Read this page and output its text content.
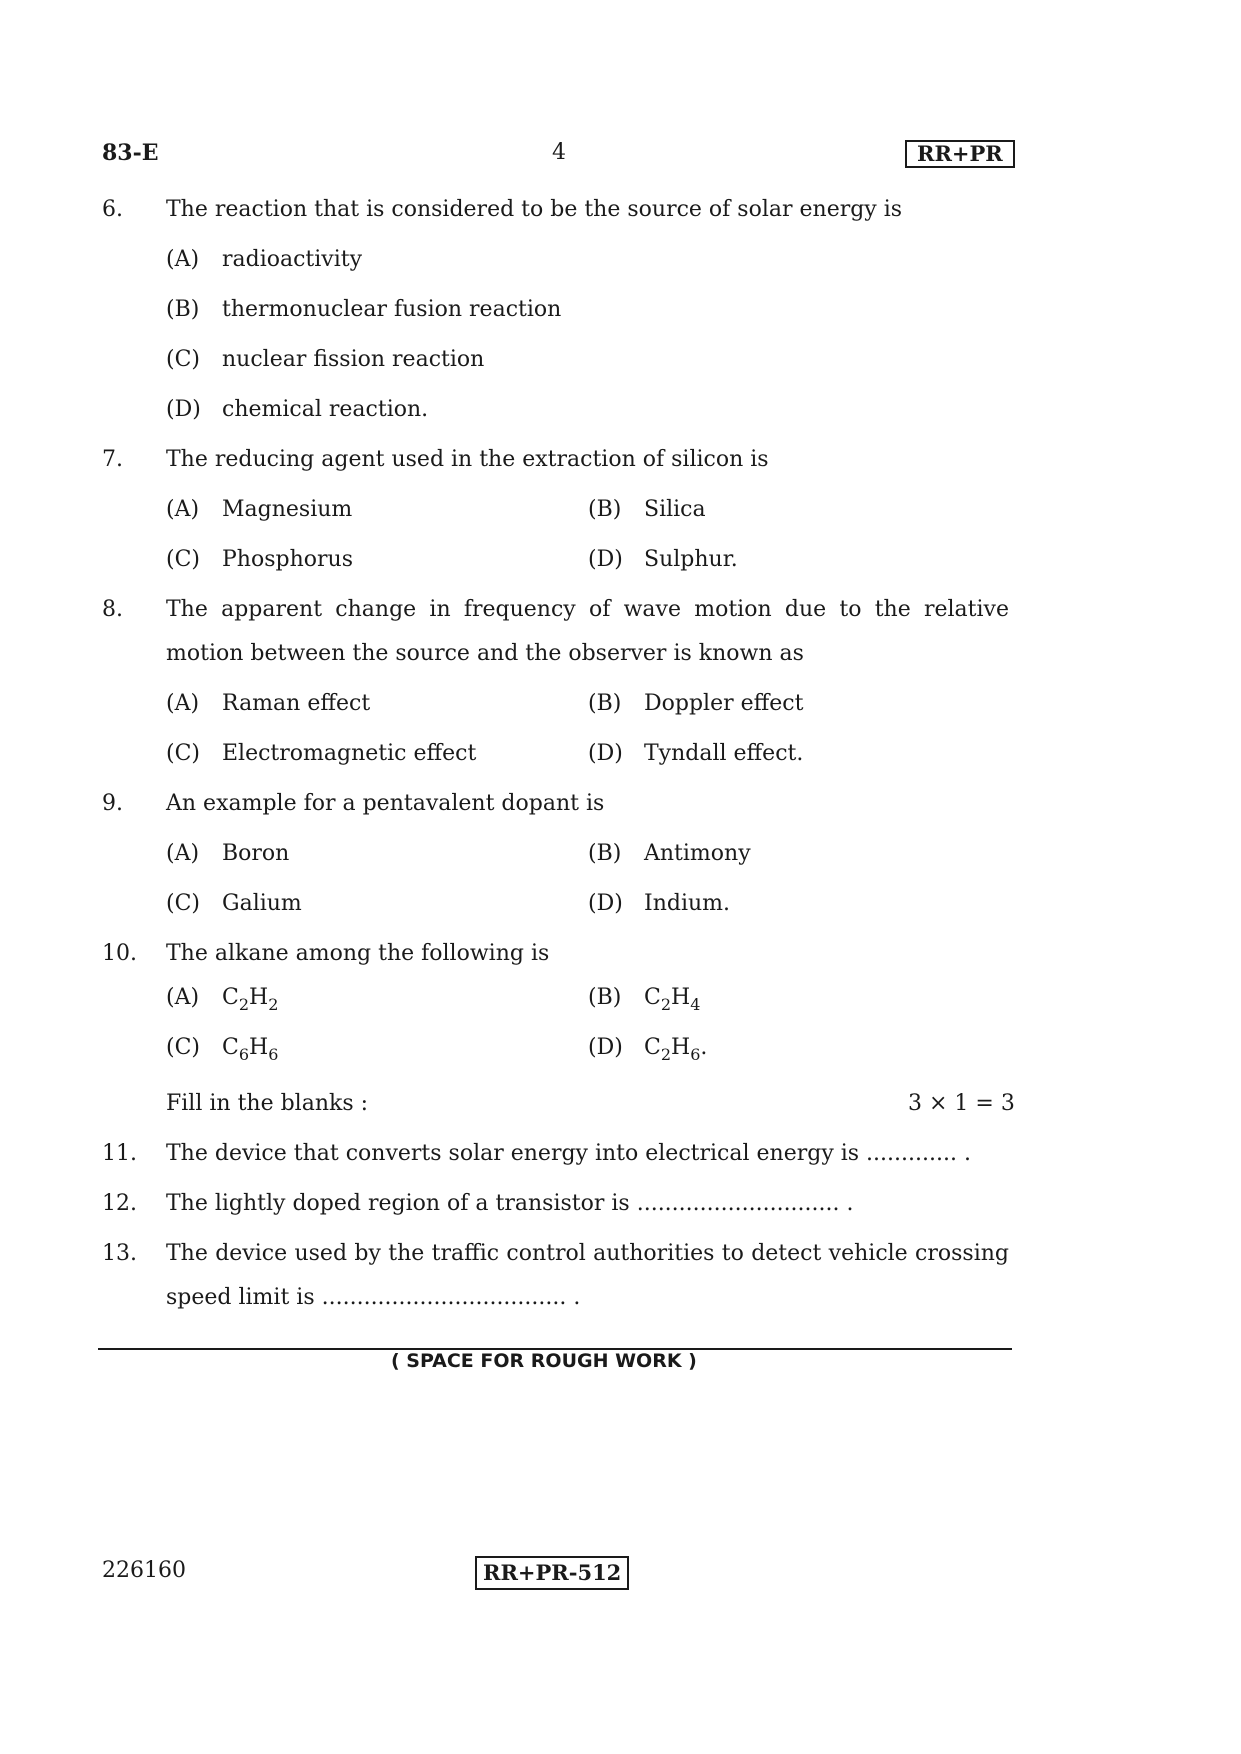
83-E	4	RR+PR
6. The reaction that is considered to be the source of solar energy is
(A) radioactivity
(B) thermonuclear fusion reaction
(C) nuclear fission reaction
(D) chemical reaction.
7. The reducing agent used in the extraction of silicon is
(A) Magnesium	(B) Silica
(C) Phosphorus	(D) Sulphur.
8. The apparent change in frequency of wave motion due to the relative
motion between the source and the observer is known as
(A) Raman effect	(B) Doppler effect
(C) Electromagnetic effect	(D) Tyndall effect.
9. An example for a pentavalent dopant is
(A) Boron	(B) Antimony
(C) Galium	(D) Indium.
10. The alkane among the following is
(A) $C_2H_2$	(B) $C_2H_4$
(C) $C_6H_6$	(D) $C_2H_6$.
Fill in the blanks :	3 × 1 = 3
11. The device that converts solar energy into electrical energy is ............. .
12. The lightly doped region of a transistor is ............................. .
13. The device used by the traffic control authorities to detect vehicle crossing
speed limit is ................................... .
( SPACE FOR ROUGH WORK )
226160	RR+PR-512
